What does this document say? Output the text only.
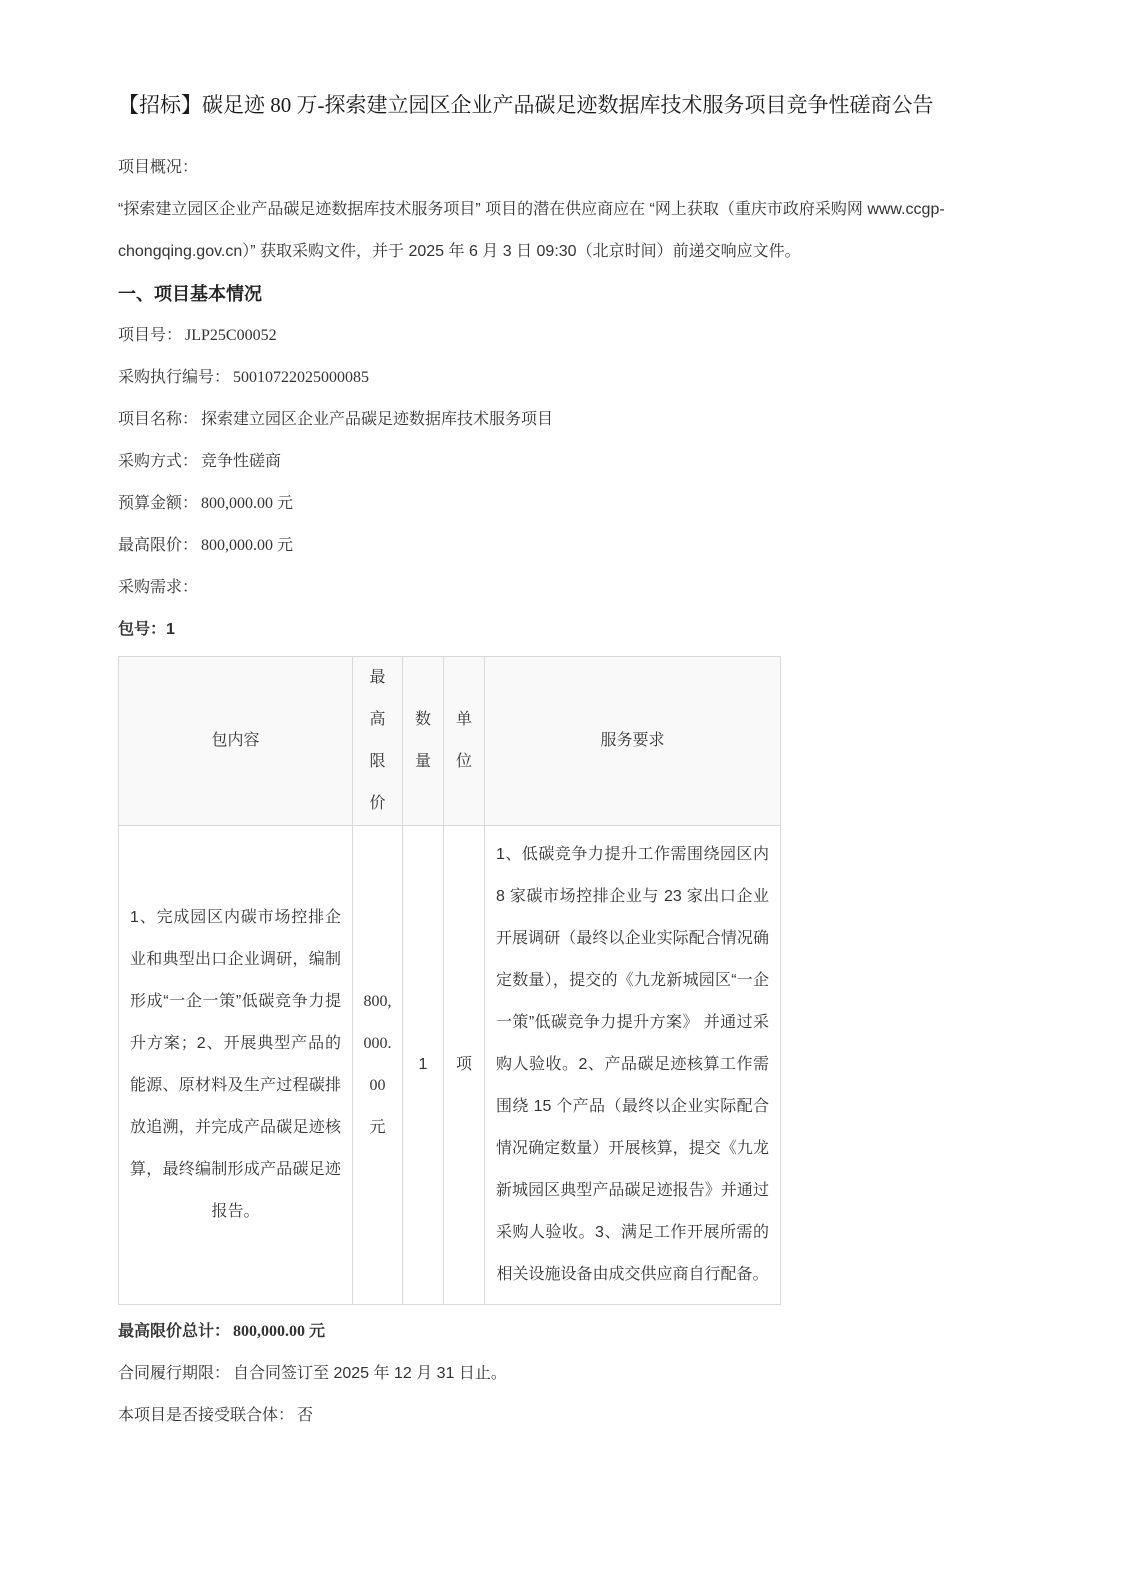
【招标】碳足迹 80 万-探索建立园区企业产品碳足迹数据库技术服务项目竞争性磋商公告

项目概况：

“探索建立园区企业产品碳足迹数据库技术服务项目” 项目的潜在供应商应在 “网上获取（重庆市政府采购网 www.ccgp-chongqing.gov.cn）” 获取采购文件，并于 2025 年 6 月 3 日 09:30（北京时间）前递交响应文件。

一、项目基本情况

项目号： JLP25C00052

采购执行编号： 50010722025000085

项目名称： 探索建立园区企业产品碳足迹数据库技术服务项目

采购方式： 竞争性磋商

预算金额： 800,000.00 元

最高限价： 800,000.00 元

采购需求：

包号：1

包内容	最高限价	数量	单位	服务要求
1、完成园区内碳市场控排企业和典型出口企业调研，编制形成“一企一策”低碳竞争力提升方案；2、开展典型产品的能源、原材料及生产过程碳排放追溯，并完成产品碳足迹核算，最终编制形成产品碳足迹报告。	800,000.00 元	1	项	1、低碳竞争力提升工作需围绕园区内 8 家碳市场控排企业与 23 家出口企业开展调研（最终以企业实际配合情况确定数量），提交的《九龙新城园区“一企一策”低碳竞争力提升方案》 并通过采购人验收。2、产品碳足迹核算工作需围绕 15 个产品（最终以企业实际配合情况确定数量）开展核算，提交《九龙新城园区典型产品碳足迹报告》并通过采购人验收。3、满足工作开展所需的相关设施设备由成交供应商自行配备。

最高限价总计： 800,000.00 元

合同履行期限： 自合同签订至 2025 年 12 月 31 日止。

本项目是否接受联合体： 否
